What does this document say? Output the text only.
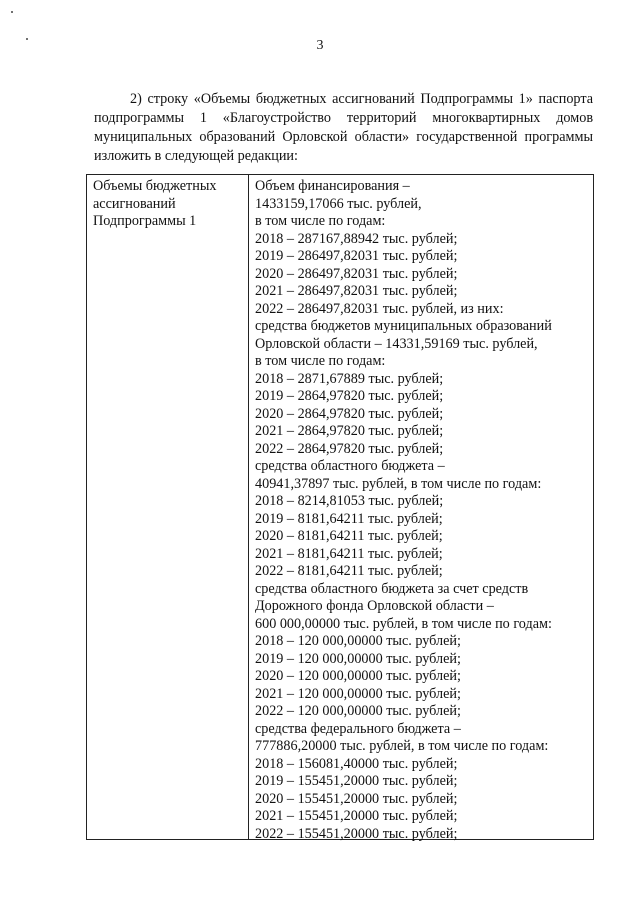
3

2) строку «Объемы бюджетных ассигнований Подпрограммы 1» паспорта подпрограммы 1 «Благоустройство территорий многоквартирных домов муниципальных образований Орловской области» государственной программы изложить в следующей редакции:

Объемы бюджетных
ассигнований
Подпрограммы 1
Объем финансирования –
1433159,17066 тыс. рублей,
в том числе по годам:
2018 – 287167,88942 тыс. рублей;
2019 – 286497,82031 тыс. рублей;
2020 – 286497,82031 тыс. рублей;
2021 – 286497,82031 тыс. рублей;
2022 – 286497,82031 тыс. рублей, из них:
средства бюджетов муниципальных образований
Орловской области – 14331,59169 тыс. рублей,
в том числе по годам:
2018 – 2871,67889 тыс. рублей;
2019 – 2864,97820 тыс. рублей;
2020 – 2864,97820 тыс. рублей;
2021 – 2864,97820 тыс. рублей;
2022 – 2864,97820 тыс. рублей;
средства областного бюджета –
40941,37897 тыс. рублей, в том числе по годам:
2018 – 8214,81053 тыс. рублей;
2019 – 8181,64211 тыс. рублей;
2020 – 8181,64211 тыс. рублей;
2021 – 8181,64211 тыс. рублей;
2022 – 8181,64211 тыс. рублей;
средства областного бюджета за счет средств
Дорожного фонда Орловской области –
600 000,00000 тыс. рублей, в том числе по годам:
2018 – 120 000,00000 тыс. рублей;
2019 – 120 000,00000 тыс. рублей;
2020 – 120 000,00000 тыс. рублей;
2021 – 120 000,00000 тыс. рублей;
2022 – 120 000,00000 тыс. рублей;
средства федерального бюджета –
777886,20000 тыс. рублей, в том числе по годам:
2018 – 156081,40000 тыс. рублей;
2019 – 155451,20000 тыс. рублей;
2020 – 155451,20000 тыс. рублей;
2021 – 155451,20000 тыс. рублей;
2022 – 155451,20000 тыс. рублей;
